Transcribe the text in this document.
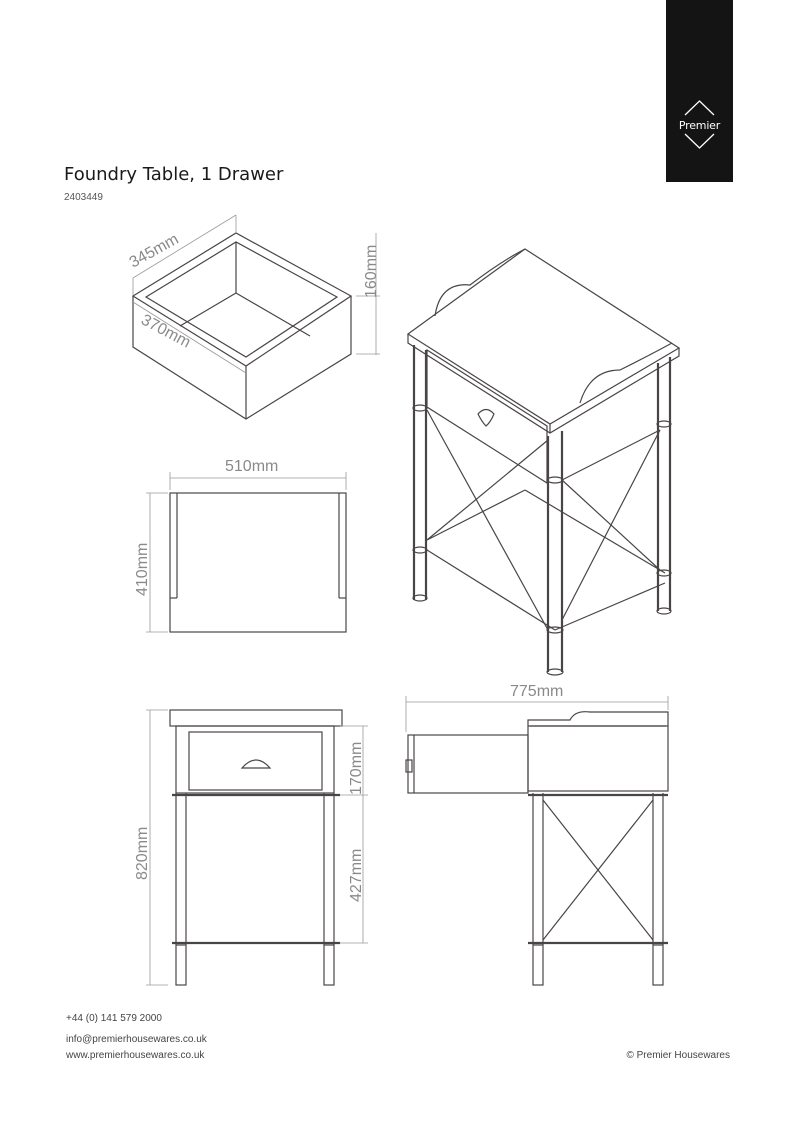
Premier
Foundry Table, 1 Drawer
2403449
345mm
370mm
160mm
510mm
410mm
820mm
170mm
427mm
775mm
+44 (0) 141 579 2000
info@premierhousewares.co.uk
www.premierhousewares.co.uk	© Premier Housewares
